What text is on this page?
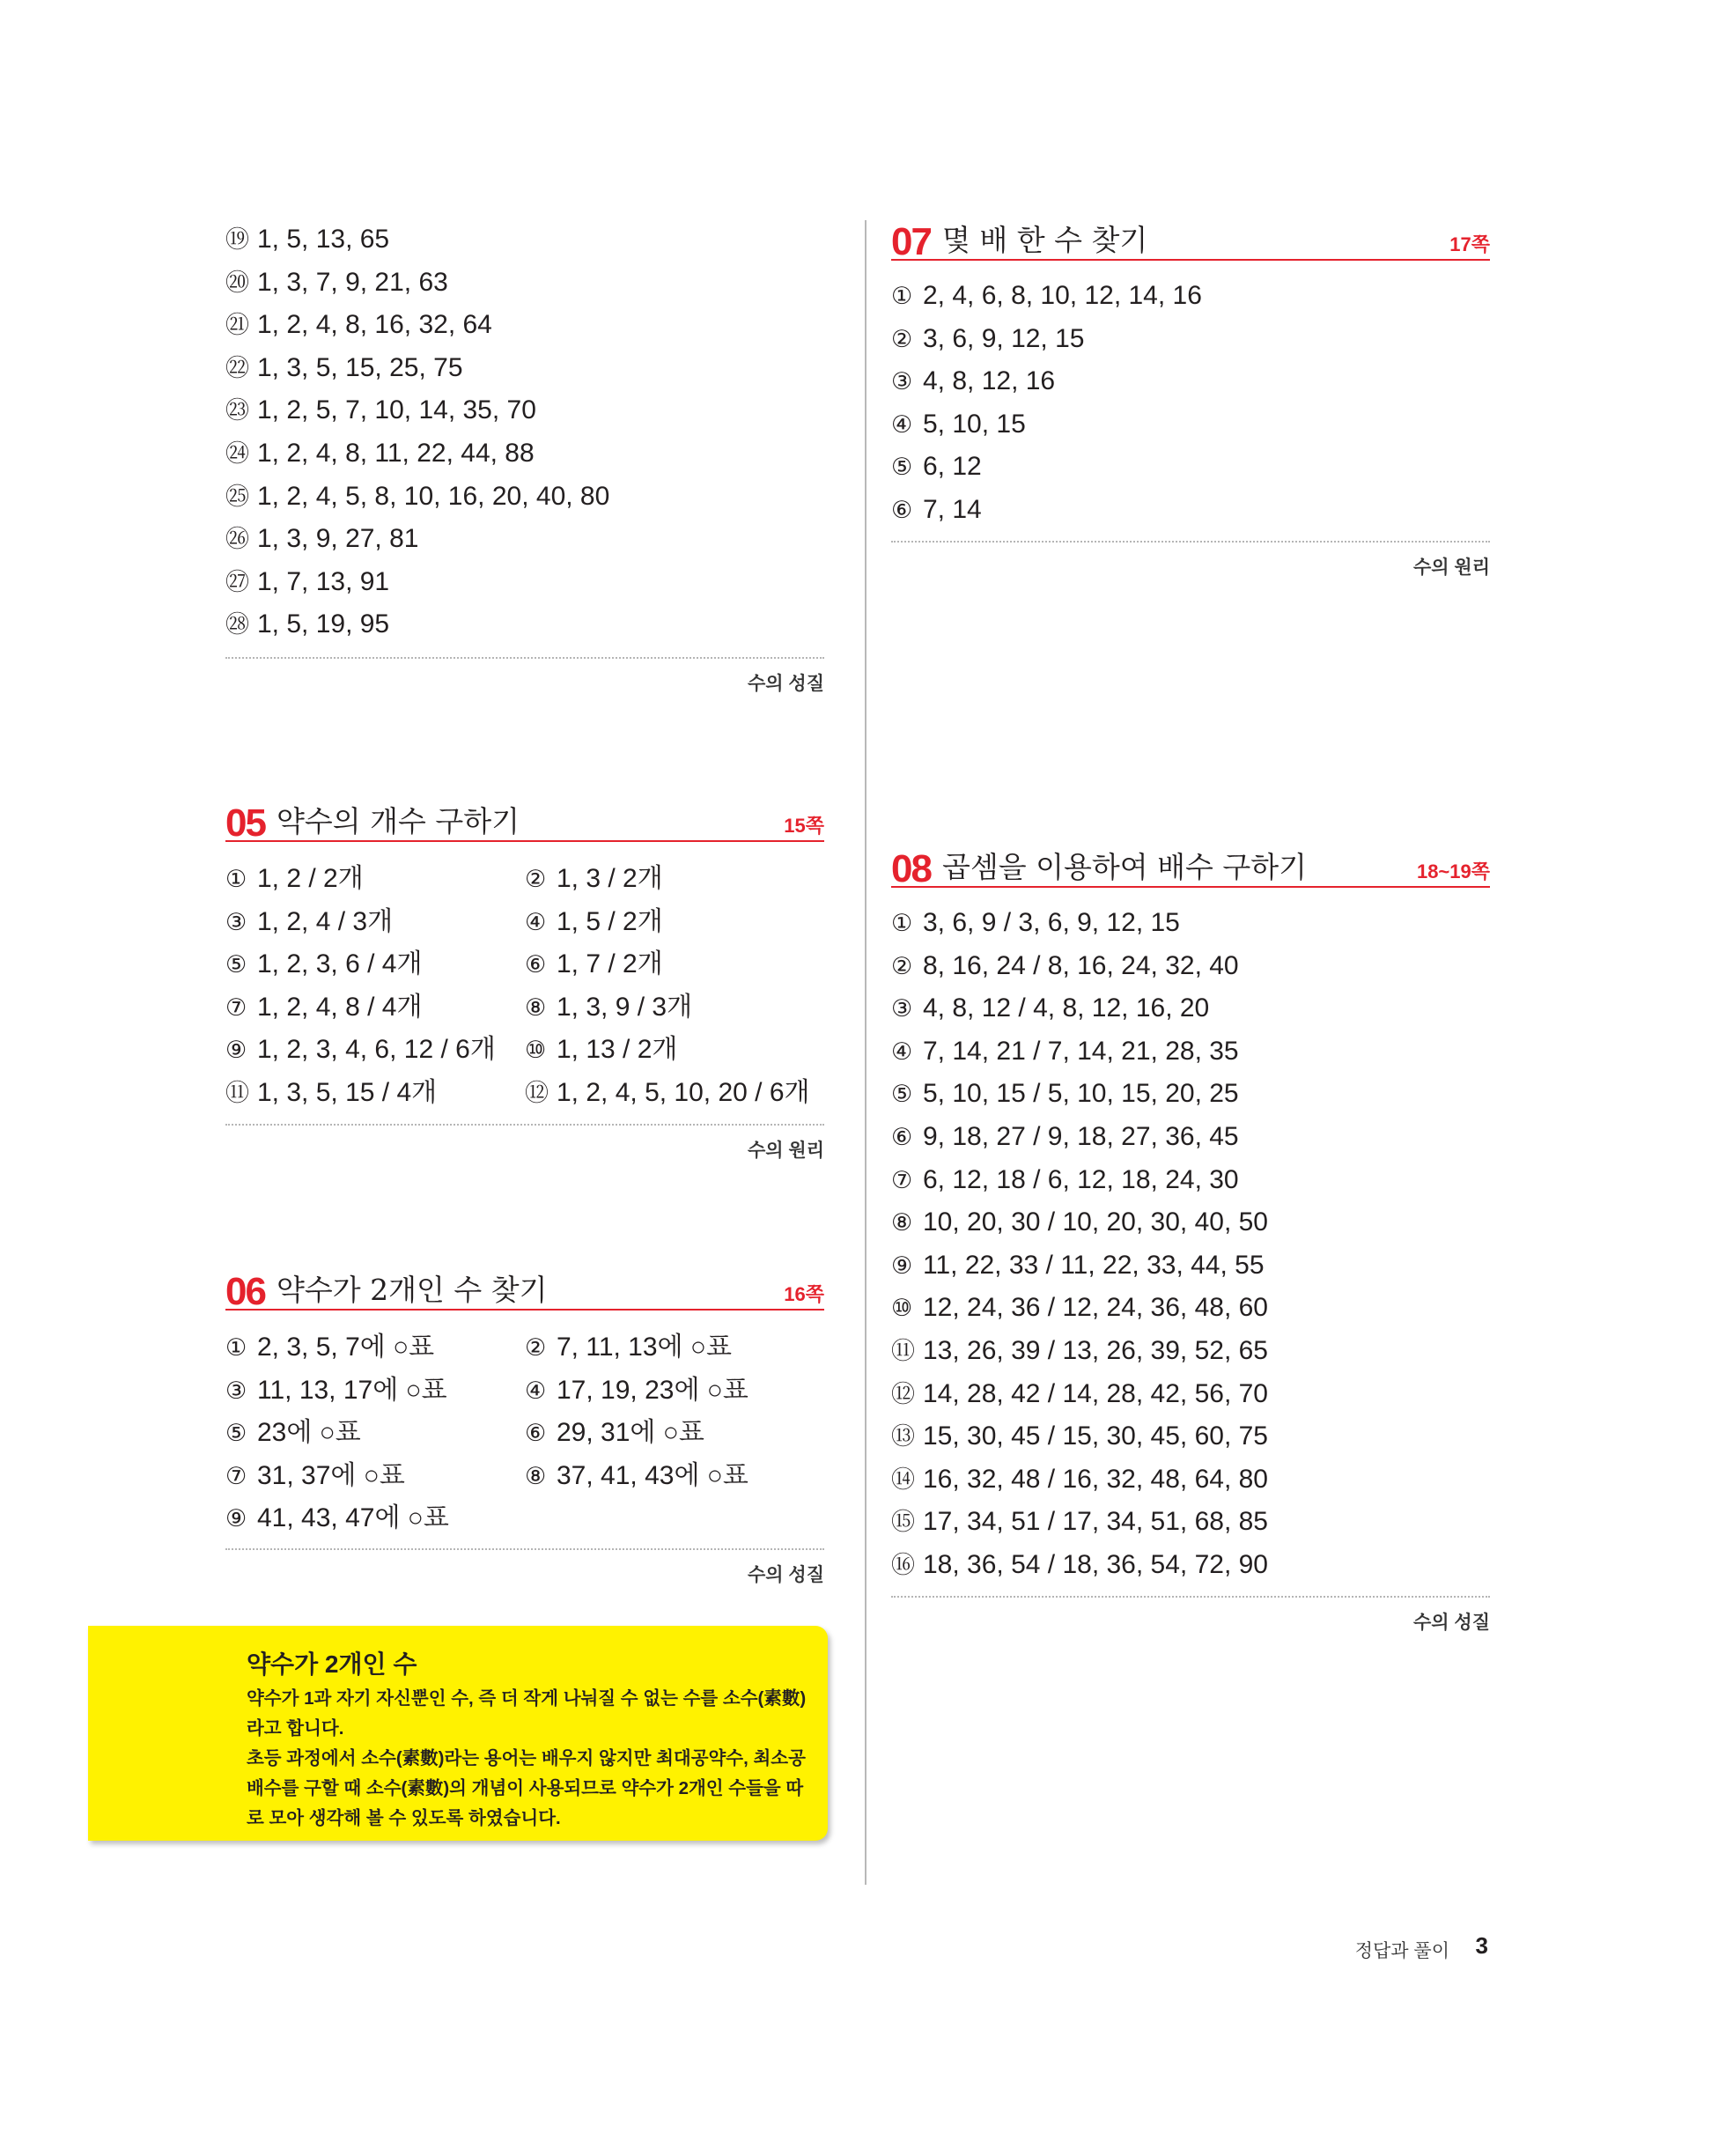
⑲ 1, 5, 13, 65
⑳ 1, 3, 7, 9, 21, 63
㉑ 1, 2, 4, 8, 16, 32, 64
㉒ 1, 3, 5, 15, 25, 75
㉓ 1, 2, 5, 7, 10, 14, 35, 70
㉔ 1, 2, 4, 8, 11, 22, 44, 88
㉕ 1, 2, 4, 5, 8, 10, 16, 20, 40, 80
㉖ 1, 3, 9, 27, 81
㉗ 1, 7, 13, 91
㉘ 1, 5, 19, 95
수의 성질
05 약수의 개수 구하기	15쪽
① 1, 2 / 2개	② 1, 3 / 2개
③ 1, 2, 4 / 3개	④ 1, 5 / 2개
⑤ 1, 2, 3, 6 / 4개	⑥ 1, 7 / 2개
⑦ 1, 2, 4, 8 / 4개	⑧ 1, 3, 9 / 3개
⑨ 1, 2, 3, 4, 6, 12 / 6개	⑩ 1, 13 / 2개
⑪ 1, 3, 5, 15 / 4개	⑫ 1, 2, 4, 5, 10, 20 / 6개
수의 원리
06 약수가 2개인 수 찾기	16쪽
① 2, 3, 5, 7에 ○표	② 7, 11, 13에 ○표
③ 11, 13, 17에 ○표	④ 17, 19, 23에 ○표
⑤ 23에 ○표	⑥ 29, 31에 ○표
⑦ 31, 37에 ○표	⑧ 37, 41, 43에 ○표
⑨ 41, 43, 47에 ○표
수의 성질
약수가 2개인 수
약수가 1과 자기 자신뿐인 수, 즉 더 작게 나눠질 수 없는 수를 소수(素數)라고 합니다.
초등 과정에서 소수(素數)라는 용어는 배우지 않지만 최대공약수, 최소공배수를 구할 때 소수(素數)의 개념이 사용되므로 약수가 2개인 수들을 따로 모아 생각해 볼 수 있도록 하였습니다.
07 몇 배 한 수 찾기	17쪽
① 2, 4, 6, 8, 10, 12, 14, 16
② 3, 6, 9, 12, 15
③ 4, 8, 12, 16
④ 5, 10, 15
⑤ 6, 12
⑥ 7, 14
수의 원리
08 곱셈을 이용하여 배수 구하기	18~19쪽
① 3, 6, 9 / 3, 6, 9, 12, 15
② 8, 16, 24 / 8, 16, 24, 32, 40
③ 4, 8, 12 / 4, 8, 12, 16, 20
④ 7, 14, 21 / 7, 14, 21, 28, 35
⑤ 5, 10, 15 / 5, 10, 15, 20, 25
⑥ 9, 18, 27 / 9, 18, 27, 36, 45
⑦ 6, 12, 18 / 6, 12, 18, 24, 30
⑧ 10, 20, 30 / 10, 20, 30, 40, 50
⑨ 11, 22, 33 / 11, 22, 33, 44, 55
⑩ 12, 24, 36 / 12, 24, 36, 48, 60
⑪ 13, 26, 39 / 13, 26, 39, 52, 65
⑫ 14, 28, 42 / 14, 28, 42, 56, 70
⑬ 15, 30, 45 / 15, 30, 45, 60, 75
⑭ 16, 32, 48 / 16, 32, 48, 64, 80
⑮ 17, 34, 51 / 17, 34, 51, 68, 85
⑯ 18, 36, 54 / 18, 36, 54, 72, 90
수의 성질
정답과 풀이 3
